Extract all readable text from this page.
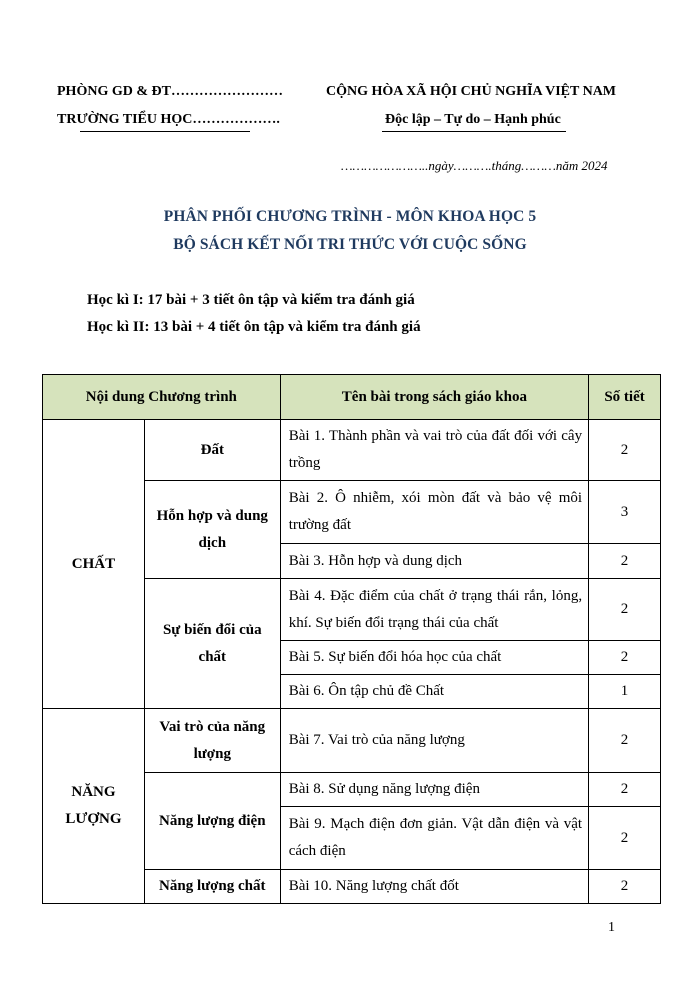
PHÒNG GD & ĐT……………………
TRƯỜNG TIỂU HỌC……………….
CỘNG HÒA XÃ HỘI CHỦ NGHĨA VIỆT NAM
Độc lập – Tự do – Hạnh phúc
…………………..ngày……….tháng………năm 2024
PHÂN PHỐI CHƯƠNG TRÌNH - MÔN KHOA HỌC 5
BỘ SÁCH KẾT NỐI TRI THỨC VỚI CUỘC SỐNG
Học kì I: 17 bài + 3 tiết ôn tập và kiểm tra đánh giá
Học kì II: 13 bài + 4 tiết ôn tập và kiểm tra đánh giá
Nội dung Chương trình		Tên bài trong sách giáo khoa	Số tiết
CHẤT	Đất	Bài 1. Thành phần và vai trò của đất đối với cây trồng	2
	Hỗn hợp và dung dịch	Bài 2. Ô nhiễm, xói mòn đất và bảo vệ môi trường đất	3
		Bài 3. Hỗn hợp và dung dịch	2
	Sự biến đổi của chất	Bài 4. Đặc điểm của chất ở trạng thái rắn, lỏng, khí. Sự biến đổi trạng thái của chất	2
		Bài 5. Sự biến đổi hóa học của chất	2
		Bài 6. Ôn tập chủ đề Chất	1
NĂNG LƯỢNG	Vai trò của năng lượng	Bài 7. Vai trò của năng lượng	2
	Năng lượng điện	Bài 8. Sử dụng năng lượng điện	2
		Bài 9. Mạch điện đơn giản. Vật dẫn điện và vật cách điện	2
	Năng lượng chất	Bài 10. Năng lượng chất đốt	2
1
